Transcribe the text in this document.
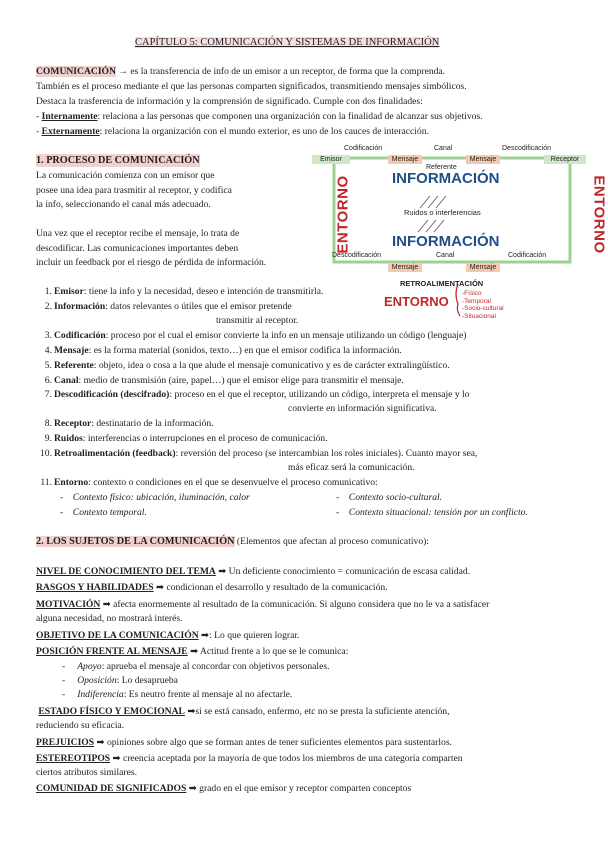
CAPÍTULO 5: COMUNICACIÓN Y SISTEMAS DE INFORMACIÓN
COMUNICACIÓN → es la transferencia de info de un emisor a un receptor, de forma que la comprenda.
También es el proceso mediante el que las personas comparten significados, transmitiendo mensajes simbólicos.
Destaca la trasferencia de información y la comprensión de significado. Cumple con dos finalidades:
- Internamente: relaciona a las personas que componen una organización con la finalidad de alcanzar sus objetivos.
- Externamente: relaciona la organización con el mundo exterior, es uno de los cauces de interacción.
1. PROCESO DE COMUNICACIÓN
La comunicación comienza con un emisor que
posee una idea para trasmitir al receptor, y codifica
la info, seleccionando el canal más adecuado.
Una vez que el receptor recibe el mensaje, lo trata de
descodificar. Las comunicaciones importantes deben
incluir un feedback por el riesgo de pérdida de información.
Codificación	Canal	Descodificación
Emisor	Mensaje
Referente
Mensaje	Receptor
INFORMACIÓN
Ruidos o interferencias
INFORMACIÓN
Descodificación	Canal	Codificación
Mensaje	Mensaje
ENTORNO	ENTORNO
RETROALIMENTACIÓN
ENTORNO
-Físico
-Temporal
-Socio-cultural
-Situacional
1. Emisor: tiene la info y la necesidad, deseo e intención de transmitirla.
2. Información: datos relevantes o útiles que el emisor pretende
transmitir al receptor.
3. Codificación: proceso por el cual el emisor convierte la info en un mensaje utilizando un código (lenguaje)
4. Mensaje: es la forma material (sonidos, texto…) en que el emisor codifica la información.
5. Referente: objeto, idea o cosa a la que alude el mensaje comunicativo y es de carácter extralingüístico.
6. Canal: medio de transmisión (aire, papel…) que el emisor elige para transmitir el mensaje.
7. Descodificación (descifrado): proceso en el que el receptor, utilizando un código, interpreta el mensaje y lo
convierte en información significativa.
8. Receptor: destinatario de la información.
9. Ruidos: interferencias o interrupciones en el proceso de comunicación.
10. Retroalimentación (feedback): reversión del proceso (se intercambian los roles iniciales). Cuanto mayor sea,
más eficaz será la comunicación.
11. Entorno: contexto o condiciones en el que se desenvuelve el proceso comunicativo:
- Contexto físico: ubicación, iluminación, calor	- Contexto socio-cultural.
- Contexto temporal.	- Contexto situacional: tensión por un conflicto.
2. LOS SUJETOS DE LA COMUNICACIÓN (Elementos que afectan al proceso comunicativo):
NIVEL DE CONOCIMIENTO DEL TEMA ➡ Un deficiente conocimiento = comunicación de escasa calidad.
RASGOS Y HABILIDADES ➡ condicionan el desarrollo y resultado de la comunicación.
MOTIVACIÓN ➡ afecta enormemente al resultado de la comunicación. Si alguno considera que no le va a satisfacer
alguna necesidad, no mostrará interés.
OBJETIVO DE LA COMUNICACIÓN ➡: Lo que quieren lograr.
POSICIÓN FRENTE AL MENSAJE ➡ Actitud frente a lo que se le comunica:
-     Apoyo: aprueba el mensaje al concordar con objetivos personales.
-     Oposición: Lo desaprueba
-     Indiferencia: Es neutro frente al mensaje al no afectarle.
ESTADO FÍSICO Y EMOCIONAL ➡si se está cansado, enfermo, etc no se presta la suficiente atención,
reduciendo su eficacia.
PREJUICIOS ➡ opiniones sobre algo que se forman antes de tener suficientes elementos para sustentarlos.
ESTEREOTIPOS ➡ creencia aceptada por la mayoría de que todos los miembros de una categoría comparten
ciertos atributos similares.
COMUNIDAD DE SIGNIFICADOS ➡ grado en el que emisor y receptor comparten conceptos
